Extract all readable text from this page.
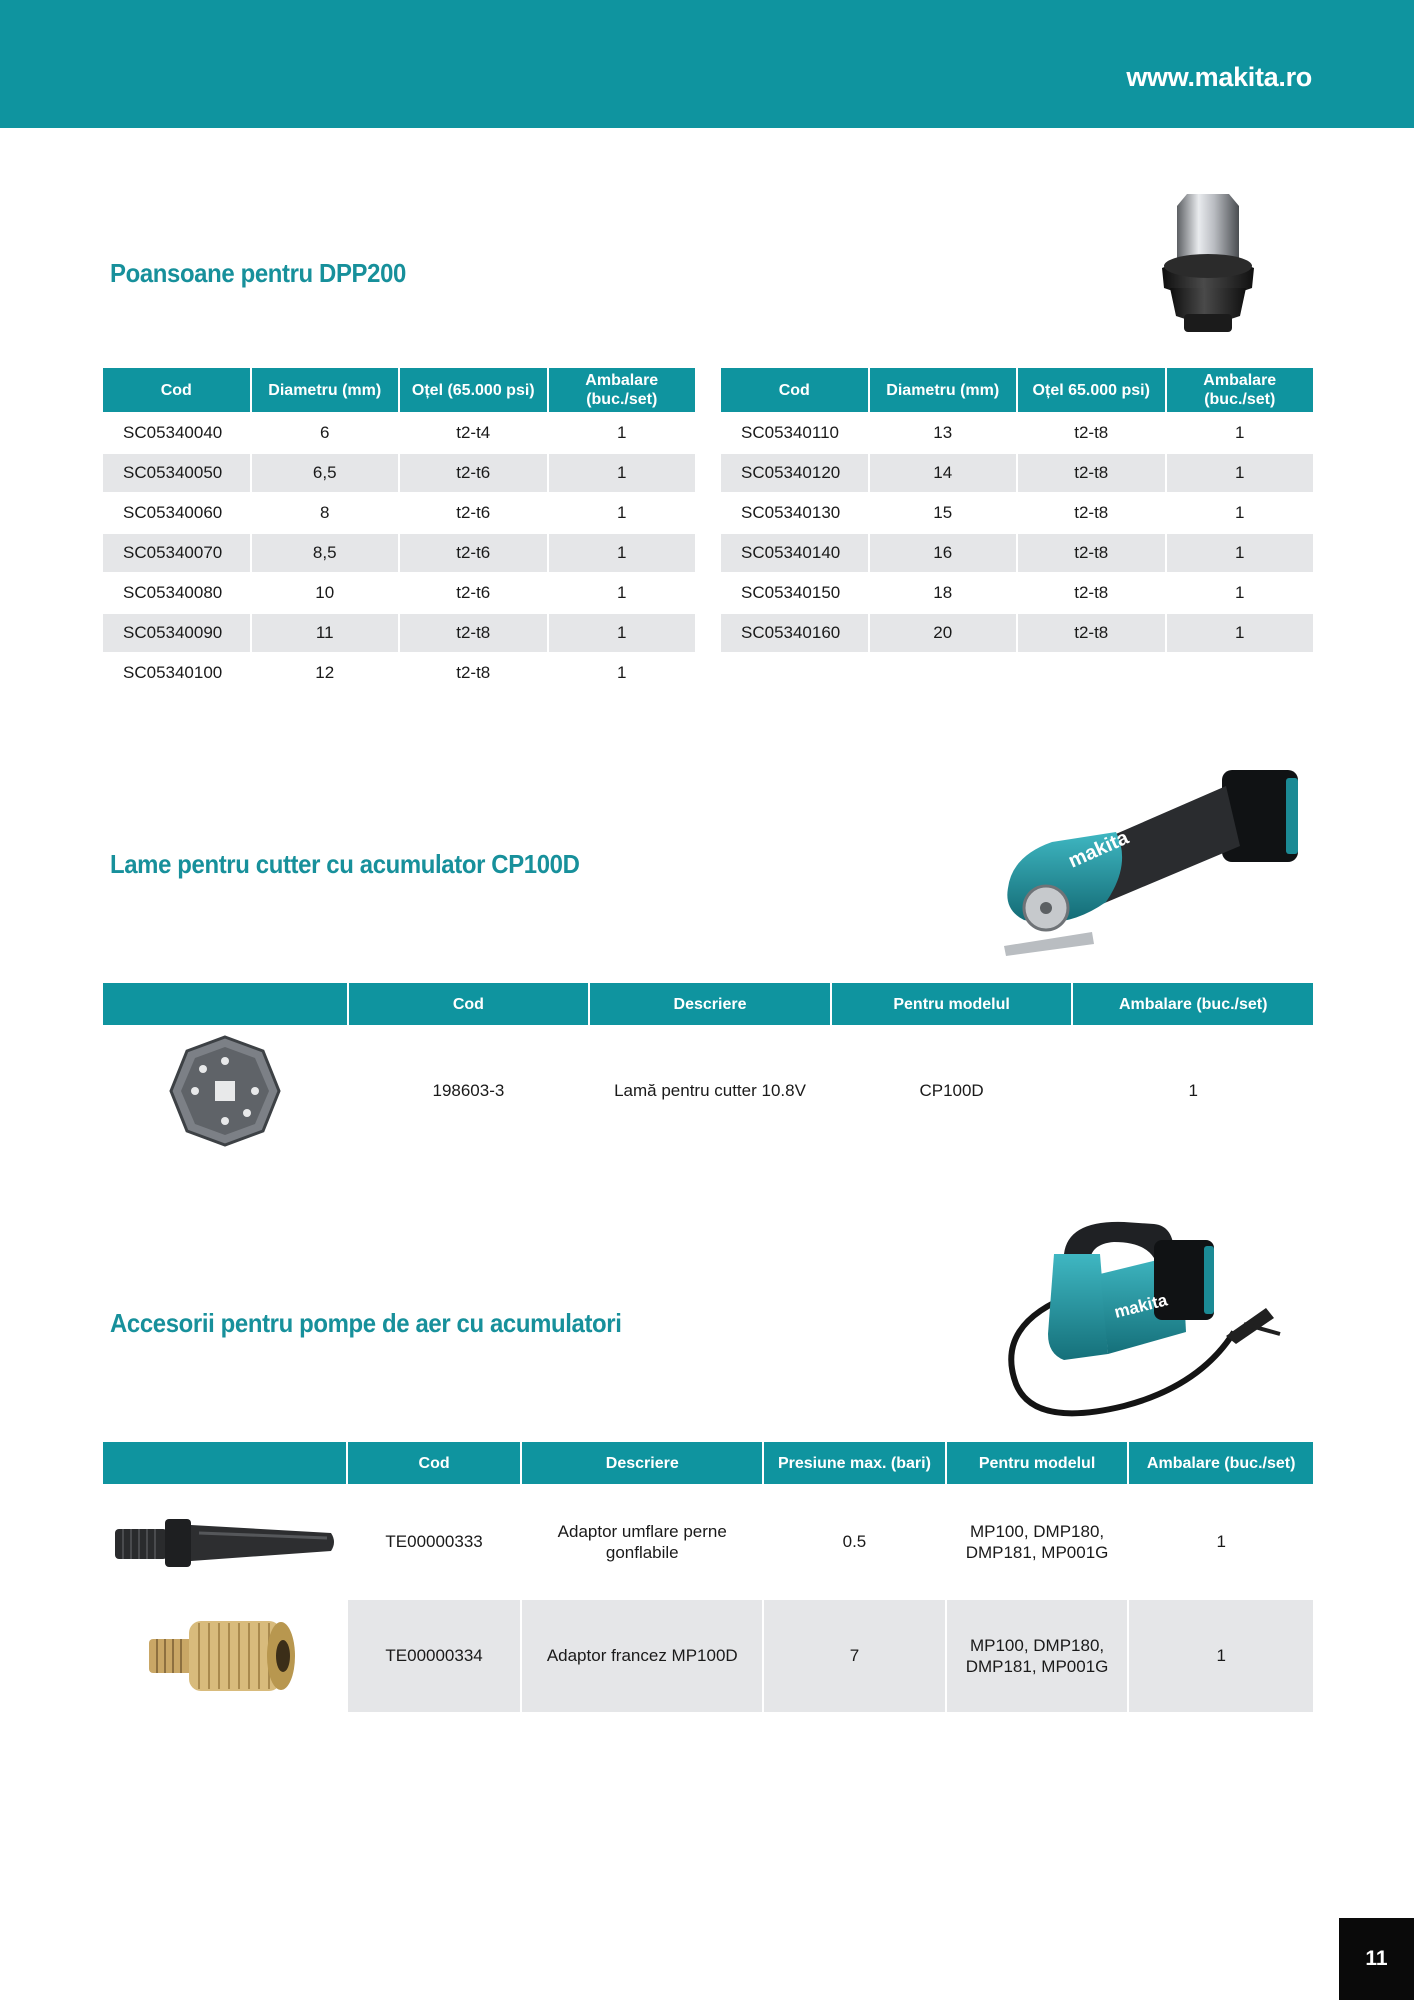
www.makita.ro
Poansoane pentru DPP200
Cod	Diametru (mm)	Oțel (65.000 psi)	Ambalare (buc./set)
SC05340040	6	t2-t4	1
SC05340050	6,5	t2-t6	1
SC05340060	8	t2-t6	1
SC05340070	8,5	t2-t6	1
SC05340080	10	t2-t6	1
SC05340090	11	t2-t8	1
SC05340100	12	t2-t8	1
Cod	Diametru (mm)	Oțel 65.000 psi)	Ambalare (buc./set)
SC05340110	13	t2-t8	1
SC05340120	14	t2-t8	1
SC05340130	15	t2-t8	1
SC05340140	16	t2-t8	1
SC05340150	18	t2-t8	1
SC05340160	20	t2-t8	1
Lame pentru cutter cu acumulator CP100D	makita
	Cod	Descriere	Pentru modelul	Ambalare (buc./set)

	198603-3	Lamă pentru cutter 10.8V	CP100D	1
Accesorii pentru pompe de aer cu acumulatori
makita
	Cod	Descriere	Presiune max. (bari)	Pentru modelul	Ambalare (buc./set)

	TE00000333	Adaptor umflare perne gonflabile	0.5	MP100, DMP180, DMP181, MP001G	1

	TE00000334	Adaptor francez MP100D	7	MP100, DMP180, DMP181, MP001G	1
11
